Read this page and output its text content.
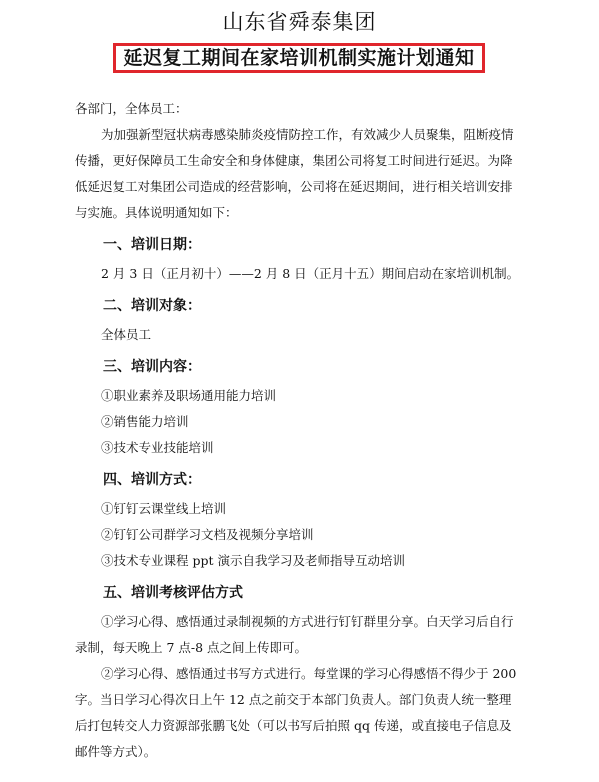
山东省舜泰集团
延迟复工期间在家培训机制实施计划通知
各部门，全体员工：
为加强新型冠状病毒感染肺炎疫情防控工作，有效减少人员聚集，阻断疫情
传播，更好保障员工生命安全和身体健康，集团公司将复工时间进行延迟。为降
低延迟复工对集团公司造成的经营影响，公司将在延迟期间，进行相关培训安排
与实施。具体说明通知如下：
一、培训日期：
2 月 3 日（正月初十）——2 月 8 日（正月十五）期间启动在家培训机制。
二、培训对象：
全体员工
三、培训内容：
①职业素养及职场通用能力培训
②销售能力培训
③技术专业技能培训
四、培训方式：
①钉钉云课堂线上培训
②钉钉公司群学习文档及视频分享培训
③技术专业课程 ppt 演示自我学习及老师指导互动培训
五、培训考核评估方式
①学习心得、感悟通过录制视频的方式进行钉钉群里分享。白天学习后自行
录制，每天晚上 7 点-8 点之间上传即可。
②学习心得、感悟通过书写方式进行。每堂课的学习心得感悟不得少于 200
字。当日学习心得次日上午 12 点之前交于本部门负责人。部门负责人统一整理
后打包转交人力资源部张鹏飞处（可以书写后拍照 qq 传递，或直接电子信息及
邮件等方式）。
